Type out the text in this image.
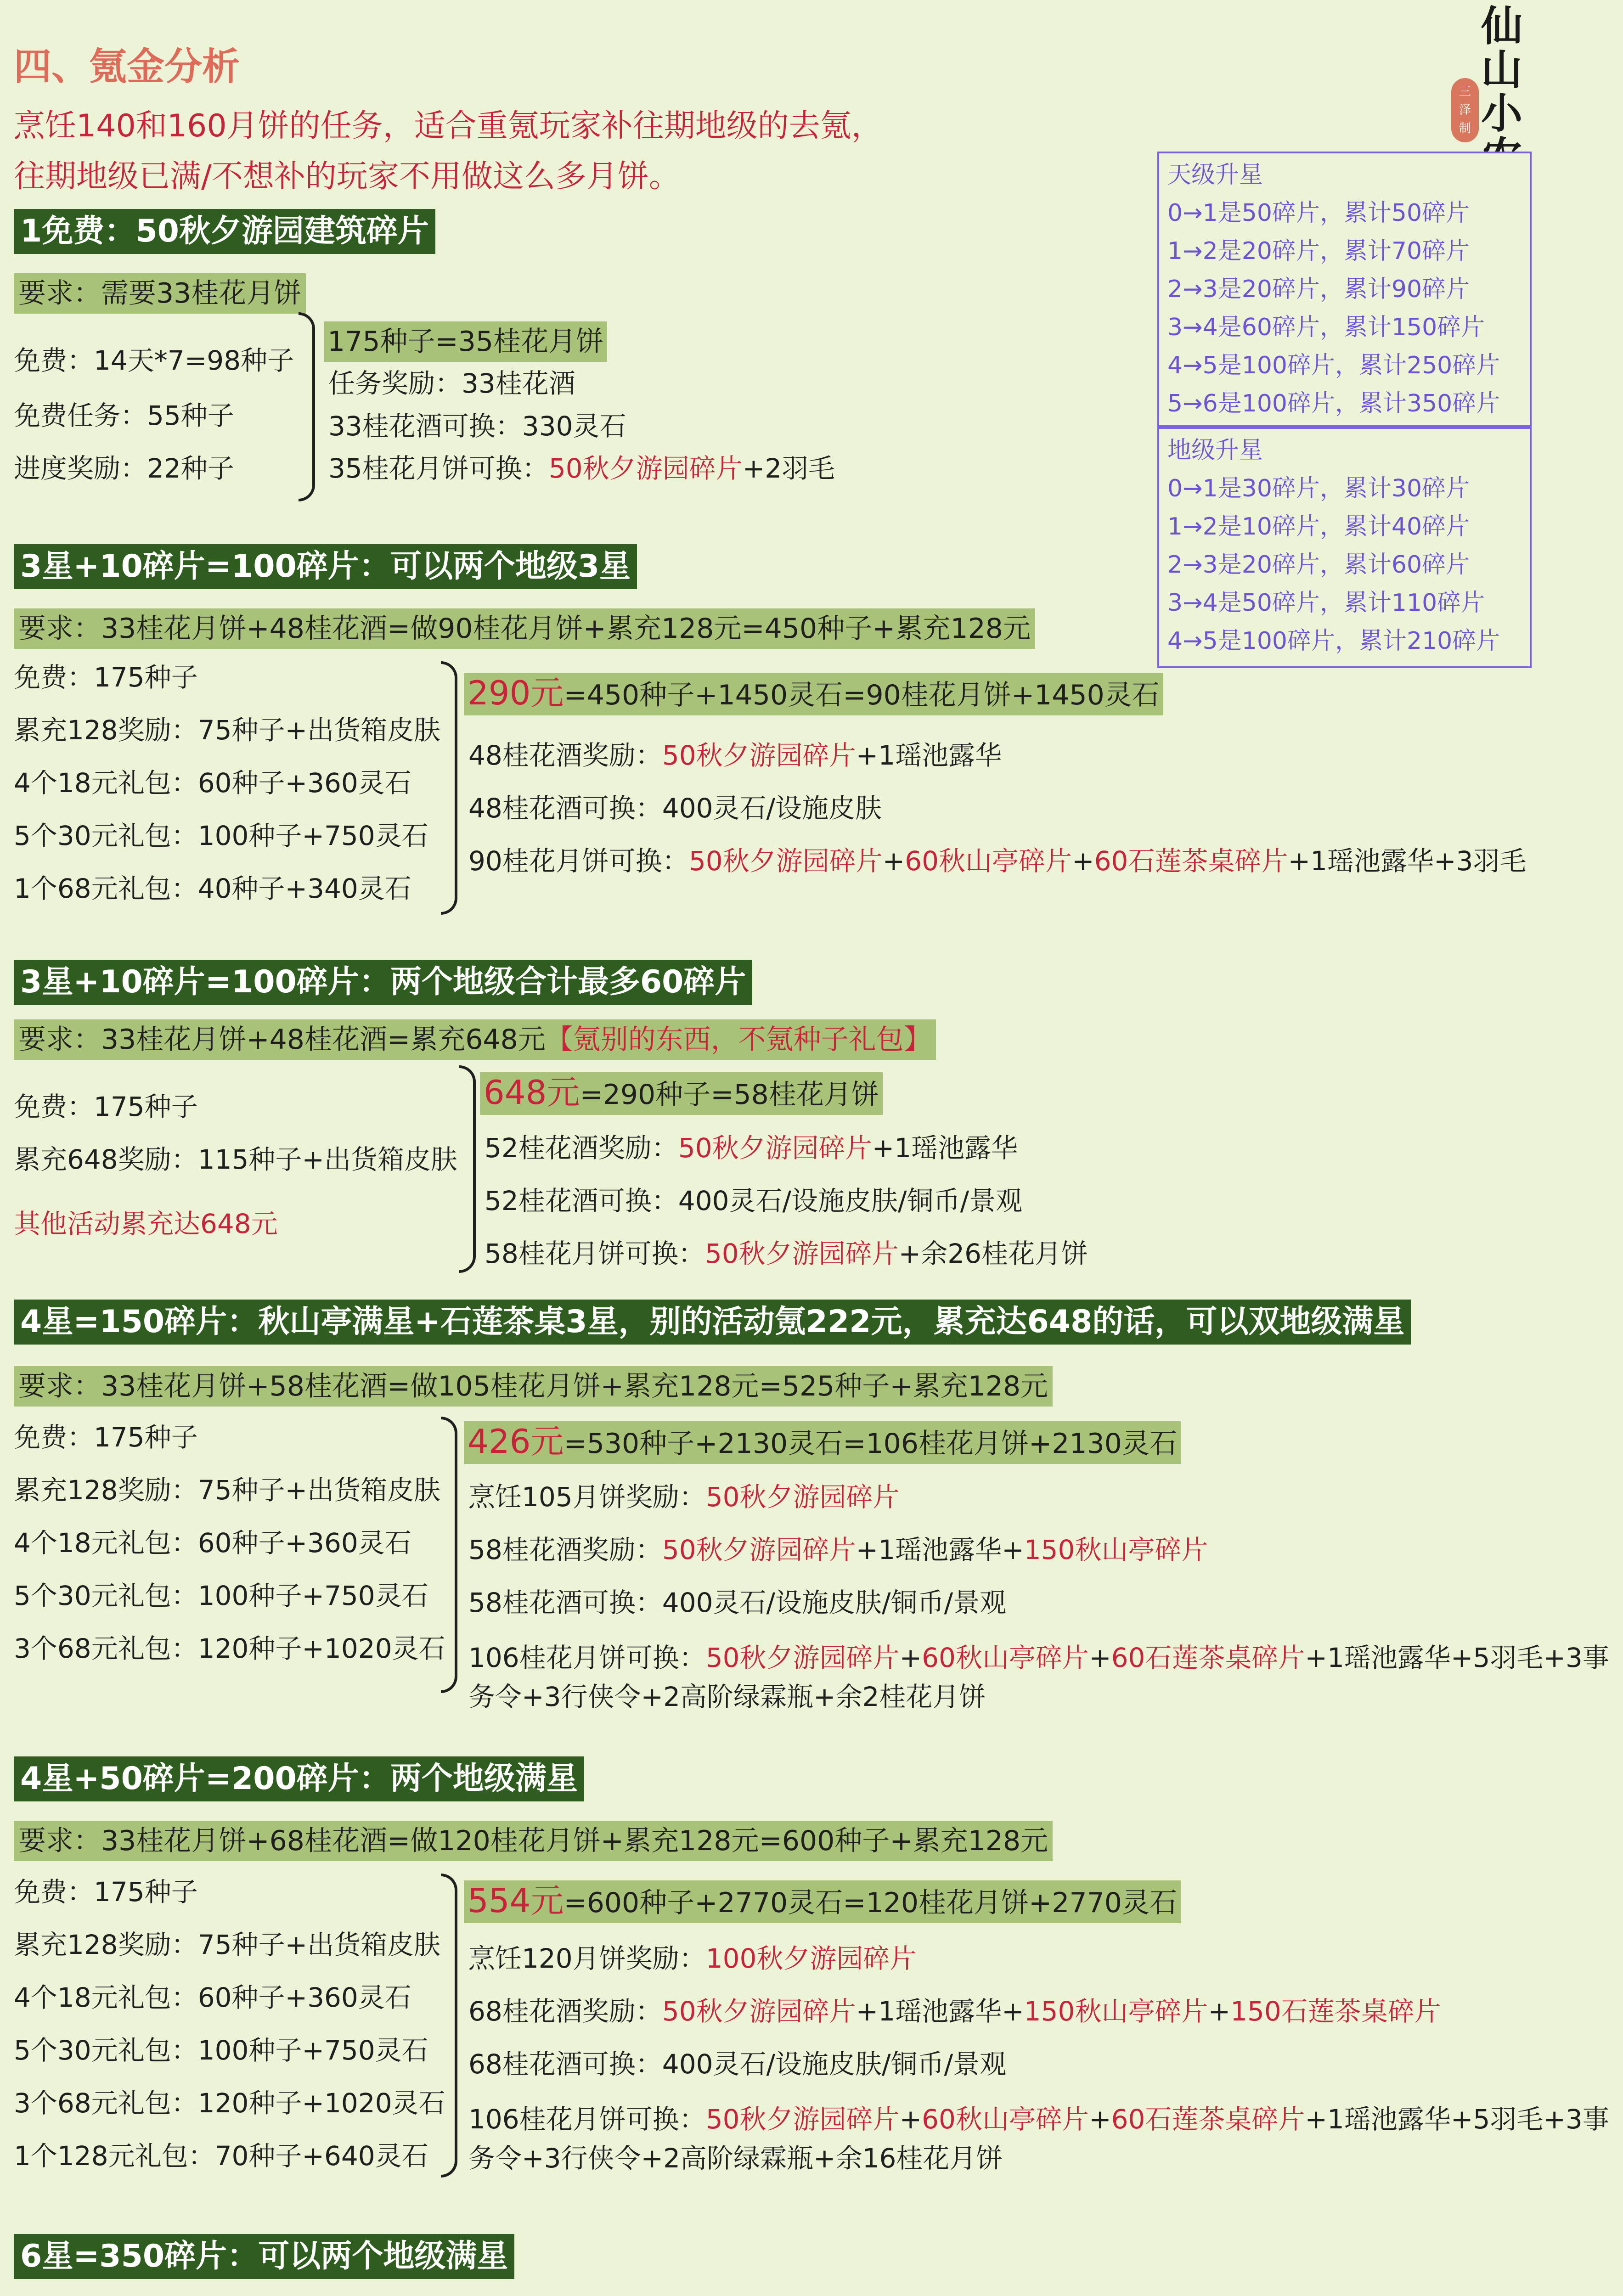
四、氪金分析
烹饪140和160月饼的任务，适合重氪玩家补往期地级的去氪，
往期地级已满/不想补的玩家不用做这么多月饼。
仙山小
三泽制
天级升星
0→1是50碎片，累计50碎片
1→2是20碎片，累计70碎片
2→3是20碎片，累计90碎片
3→4是60碎片，累计150碎片
4→5是100碎片，累计250碎片
5→6是100碎片，累计350碎片
地级升星
0→1是30碎片，累计30碎片
1→2是10碎片，累计40碎片
2→3是20碎片，累计60碎片
3→4是50碎片，累计110碎片
4→5是100碎片，累计210碎片
1免费：50秋夕游园建筑碎片
要求：需要33桂花月饼
免费：14天*7=98种子
免费任务：55种子
进度奖励：22种子
175种子=35桂花月饼
任务奖励：33桂花酒
33桂花酒可换：330灵石
35桂花月饼可换：50秋夕游园碎片+2羽毛
3星+10碎片=100碎片：可以两个地级3星
要求：33桂花月饼+48桂花酒=做90桂花月饼+累充128元=450种子+累充128元
免费：175种子
累充128奖励：75种子+出货箱皮肤
4个18元礼包：60种子+360灵石
5个30元礼包：100种子+750灵石
1个68元礼包：40种子+340灵石
290元=450种子+1450灵石=90桂花月饼+1450灵石
48桂花酒奖励：50秋夕游园碎片+1瑶池露华
48桂花酒可换：400灵石/设施皮肤
90桂花月饼可换：50秋夕游园碎片+60秋山亭碎片+60石莲茶桌碎片+1瑶池露华+3羽毛
3星+10碎片=100碎片：两个地级合计最多60碎片
要求：33桂花月饼+48桂花酒=累充648元【氪别的东西，不氪种子礼包】
免费：175种子
累充648奖励：115种子+出货箱皮肤
其他活动累充达648元
648元=290种子=58桂花月饼
52桂花酒奖励：50秋夕游园碎片+1瑶池露华
52桂花酒可换：400灵石/设施皮肤/铜币/景观
58桂花月饼可换：50秋夕游园碎片+余26桂花月饼
4星=150碎片：秋山亭满星+石莲茶桌3星，别的活动氪222元，累充达648的话，可以双地级满星
要求：33桂花月饼+58桂花酒=做105桂花月饼+累充128元=525种子+累充128元
免费：175种子
累充128奖励：75种子+出货箱皮肤
4个18元礼包：60种子+360灵石
5个30元礼包：100种子+750灵石
3个68元礼包：120种子+1020灵石
426元=530种子+2130灵石=106桂花月饼+2130灵石
烹饪105月饼奖励：50秋夕游园碎片
58桂花酒奖励：50秋夕游园碎片+1瑶池露华+150秋山亭碎片
58桂花酒可换：400灵石/设施皮肤/铜币/景观
106桂花月饼可换：50秋夕游园碎片+60秋山亭碎片+60石莲茶桌碎片+1瑶池露华+5羽毛+3事
务令+3行侠令+2高阶绿霖瓶+余2桂花月饼
4星+50碎片=200碎片：两个地级满星
要求：33桂花月饼+68桂花酒=做120桂花月饼+累充128元=600种子+累充128元
免费：175种子
累充128奖励：75种子+出货箱皮肤
4个18元礼包：60种子+360灵石
5个30元礼包：100种子+750灵石
3个68元礼包：120种子+1020灵石
1个128元礼包：70种子+640灵石
554元=600种子+2770灵石=120桂花月饼+2770灵石
烹饪120月饼奖励：100秋夕游园碎片
68桂花酒奖励：50秋夕游园碎片+1瑶池露华+150秋山亭碎片+150石莲茶桌碎片
68桂花酒可换：400灵石/设施皮肤/铜币/景观
106桂花月饼可换：50秋夕游园碎片+60秋山亭碎片+60石莲茶桌碎片+1瑶池露华+5羽毛+3事
务令+3行侠令+2高阶绿霖瓶+余16桂花月饼
6星=350碎片：可以两个地级满星
